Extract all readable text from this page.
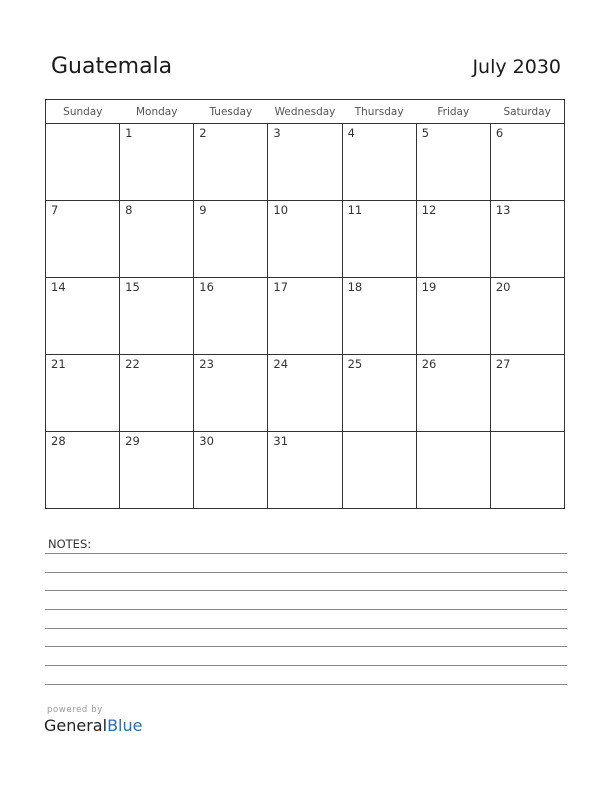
Guatemala	July 2030
Sunday	Monday	Tuesday	Wednesday	Thursday	Friday	Saturday

	1	2	3	4	5	6

7	8	9	10	11	12	13

14	15	16	17	18	19	20

21	22	23	24	25	26	27

28	29	30	31			

NOTES:
powered by
GeneralBlue
